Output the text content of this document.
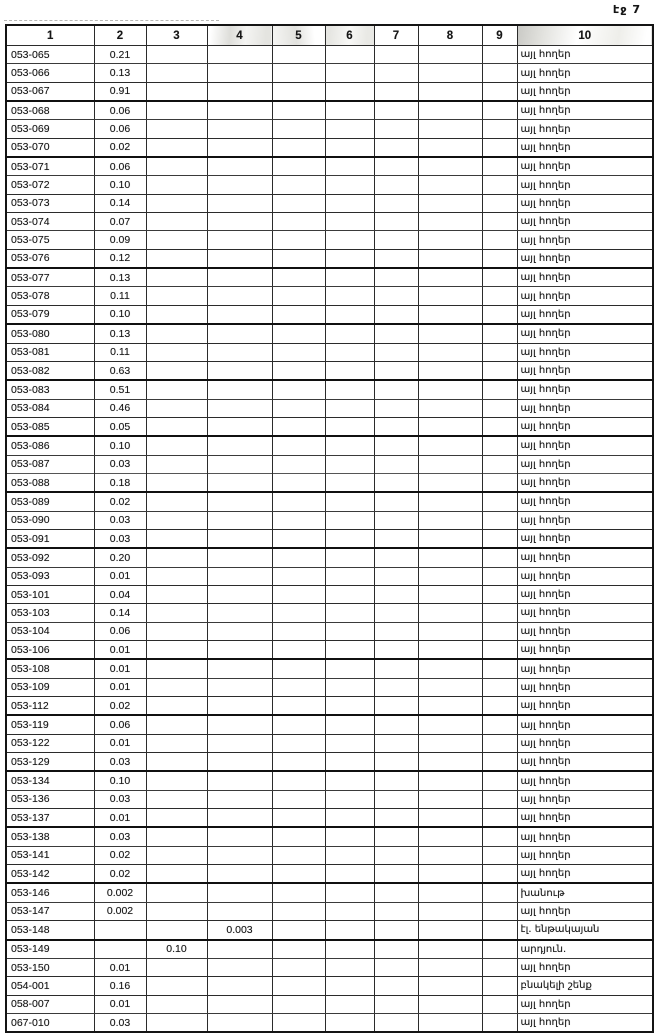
էջ 7
1	2	3	4	5	6	7	8	9	10
053-065	0.21								այլ հողեր
053-066	0.13								այլ հողեր
053-067	0.91								այլ հողեր
053-068	0.06								այլ հողեր
053-069	0.06								այլ հողեր
053-070	0.02								այլ հողեր
053-071	0.06								այլ հողեր
053-072	0.10								այլ հողեր
053-073	0.14								այլ հողեր
053-074	0.07								այլ հողեր
053-075	0.09								այլ հողեր
053-076	0.12								այլ հողեր
053-077	0.13								այլ հողեր
053-078	0.11								այլ հողեր
053-079	0.10								այլ հողեր
053-080	0.13								այլ հողեր
053-081	0.11								այլ հողեր
053-082	0.63								այլ հողեր
053-083	0.51								այլ հողեր
053-084	0.46								այլ հողեր
053-085	0.05								այլ հողեր
053-086	0.10								այլ հողեր
053-087	0.03								այլ հողեր
053-088	0.18								այլ հողեր
053-089	0.02								այլ հողեր
053-090	0.03								այլ հողեր
053-091	0.03								այլ հողեր
053-092	0.20								այլ հողեր
053-093	0.01								այլ հողեր
053-101	0.04								այլ հողեր
053-103	0.14								այլ հողեր
053-104	0.06								այլ հողեր
053-106	0.01								այլ հողեր
053-108	0.01								այլ հողեր
053-109	0.01								այլ հողեր
053-112	0.02								այլ հողեր
053-119	0.06								այլ հողեր
053-122	0.01								այլ հողեր
053-129	0.03								այլ հողեր
053-134	0.10								այլ հողեր
053-136	0.03								այլ հողեր
053-137	0.01								այլ հողեր
053-138	0.03								այլ հողեր
053-141	0.02								այլ հողեր
053-142	0.02								այլ հողեր
053-146	0.002								խանութ
053-147	0.002								այլ հողեր
053-148			0.003						էլ. ենթակայան
053-149		0.10							արդյուն.
053-150	0.01								այլ հողեր
054-001	0.16								բնակելի շենք
058-007	0.01								այլ հողեր
067-010	0.03								այլ հողեր
